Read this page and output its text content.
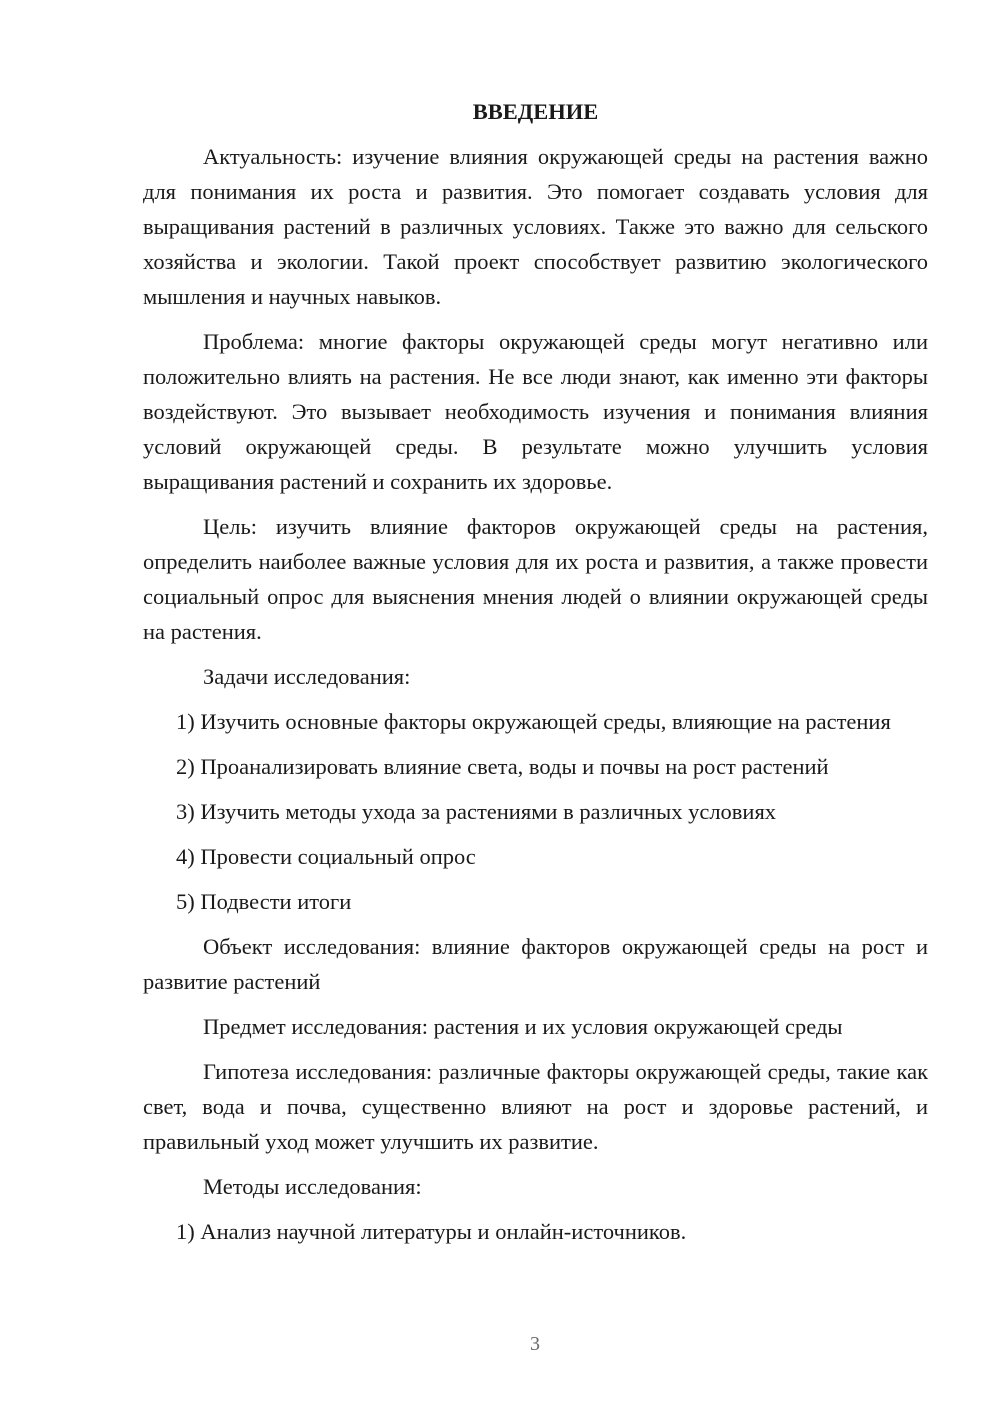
ВВЕДЕНИЕ

Актуальность: изучение влияния окружающей среды на растения важно для понимания их роста и развития. Это помогает создавать условия для выращивания растений в различных условиях. Также это важно для сельского хозяйства и экологии. Такой проект способствует развитию экологического мышления и научных навыков.

Проблема: многие факторы окружающей среды могут негативно или положительно влиять на растения. Не все люди знают, как именно эти факторы воздействуют. Это вызывает необходимость изучения и понимания влияния условий окружающей среды. В результате можно улучшить условия выращивания растений и сохранить их здоровье.

Цель: изучить влияние факторов окружающей среды на растения, определить наиболее важные условия для их роста и развития, а также провести социальный опрос для выяснения мнения людей о влиянии окружающей среды на растения.

Задачи исследования:

1) Изучить основные факторы окружающей среды, влияющие на растения

2) Проанализировать влияние света, воды и почвы на рост растений

3) Изучить методы ухода за растениями в различных условиях

4) Провести социальный опрос

5) Подвести итоги

Объект исследования: влияние факторов окружающей среды на рост и развитие растений

Предмет исследования: растения и их условия окружающей среды

Гипотеза исследования: различные факторы окружающей среды, такие как свет, вода и почва, существенно влияют на рост и здоровье растений, и правильный уход может улучшить их развитие.

Методы исследования:

1) Анализ научной литературы и онлайн-источников.

3
